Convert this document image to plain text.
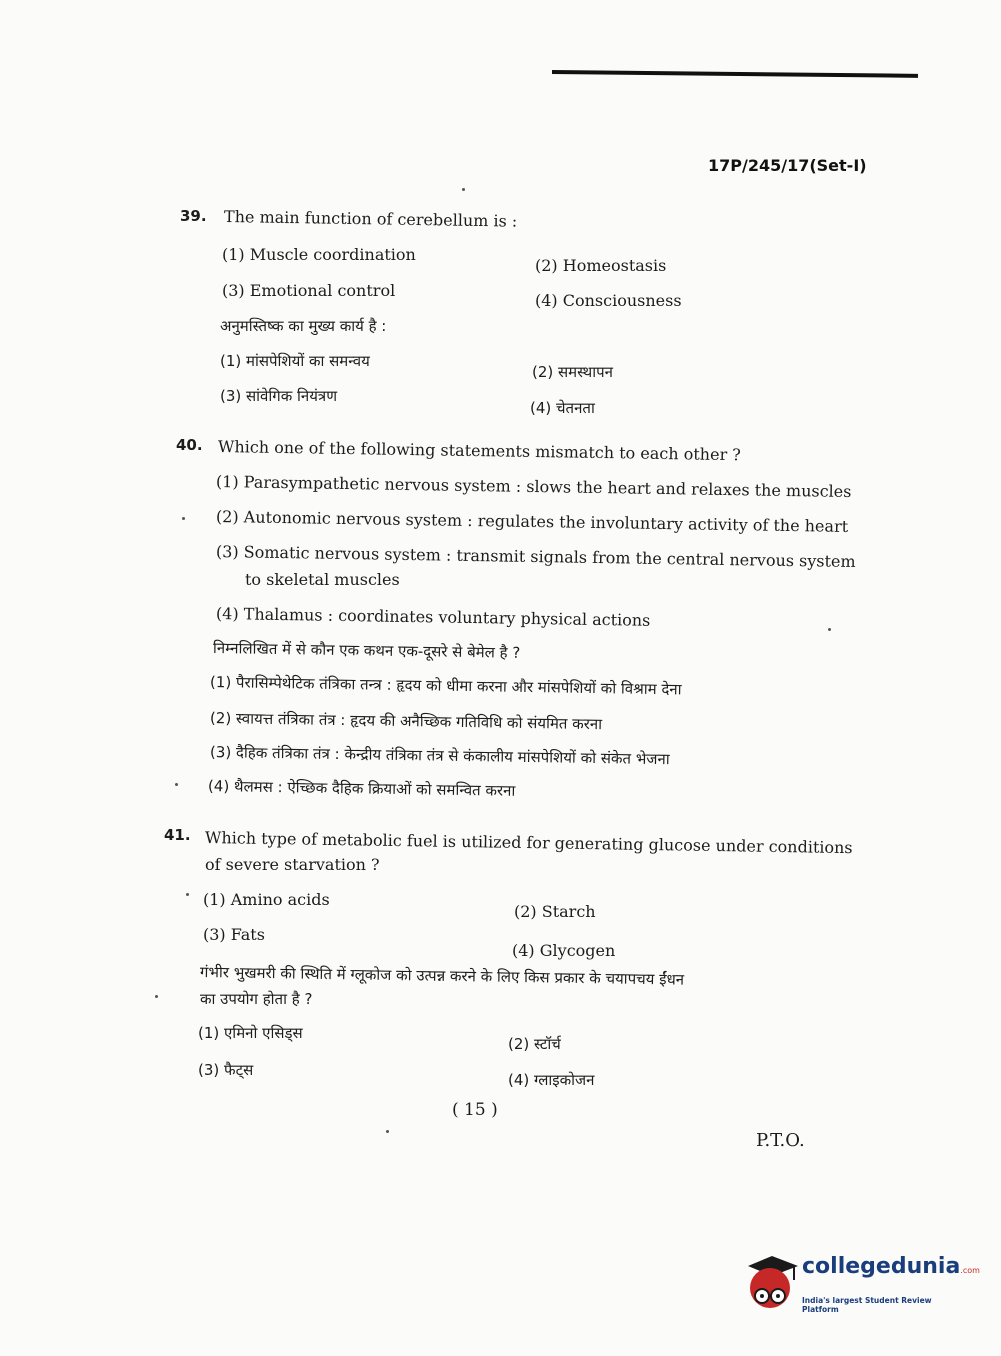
17P/245/17(Set-I)
39. The main function of cerebellum is :
(1) Muscle coordination
(2) Homeostasis
(3) Emotional control
(4) Consciousness
अनुमस्तिष्क का मुख्य कार्य है :
(1) मांसपेशियों का समन्वय
(2) समस्थापन
(3) सांवेगिक नियंत्रण
(4) चेतनता
40. Which one of the following statements mismatch to each other ?
(1) Parasympathetic nervous system : slows the heart and relaxes the muscles
(2) Autonomic nervous system : regulates the involuntary activity of the heart
(3) Somatic nervous system : transmit signals from the central nervous system
to skeletal muscles
(4) Thalamus : coordinates voluntary physical actions
निम्नलिखित में से कौन एक कथन एक-दूसरे से बेमेल है ?
(1) पैरासिम्पेथेटिक तंत्रिका तन्त्र : हृदय को धीमा करना और मांसपेशियों को विश्राम देना
(2) स्वायत्त तंत्रिका तंत्र : हृदय की अनैच्छिक गतिविधि को संयमित करना
(3) दैहिक तंत्रिका तंत्र : केन्द्रीय तंत्रिका तंत्र से कंकालीय मांसपेशियों को संकेत भेजना
(4) थैलमस : ऐच्छिक दैहिक क्रियाओं को समन्वित करना
41. Which type of metabolic fuel is utilized for generating glucose under conditions
of severe starvation ?
(1) Amino acids
(2) Starch
(3) Fats
(4) Glycogen
गंभीर भुखमरी की स्थिति में ग्लूकोज को उत्पन्न करने के लिए किस प्रकार के चयापचय ईंधन
का उपयोग होता है ?
(1) एमिनो एसिड्स
(2) स्टॉर्च
(3) फैट्स
(4) ग्लाइकोजन
( 15 )
P.T.O.
collegedunia.com
India's largest Student Review Platform
